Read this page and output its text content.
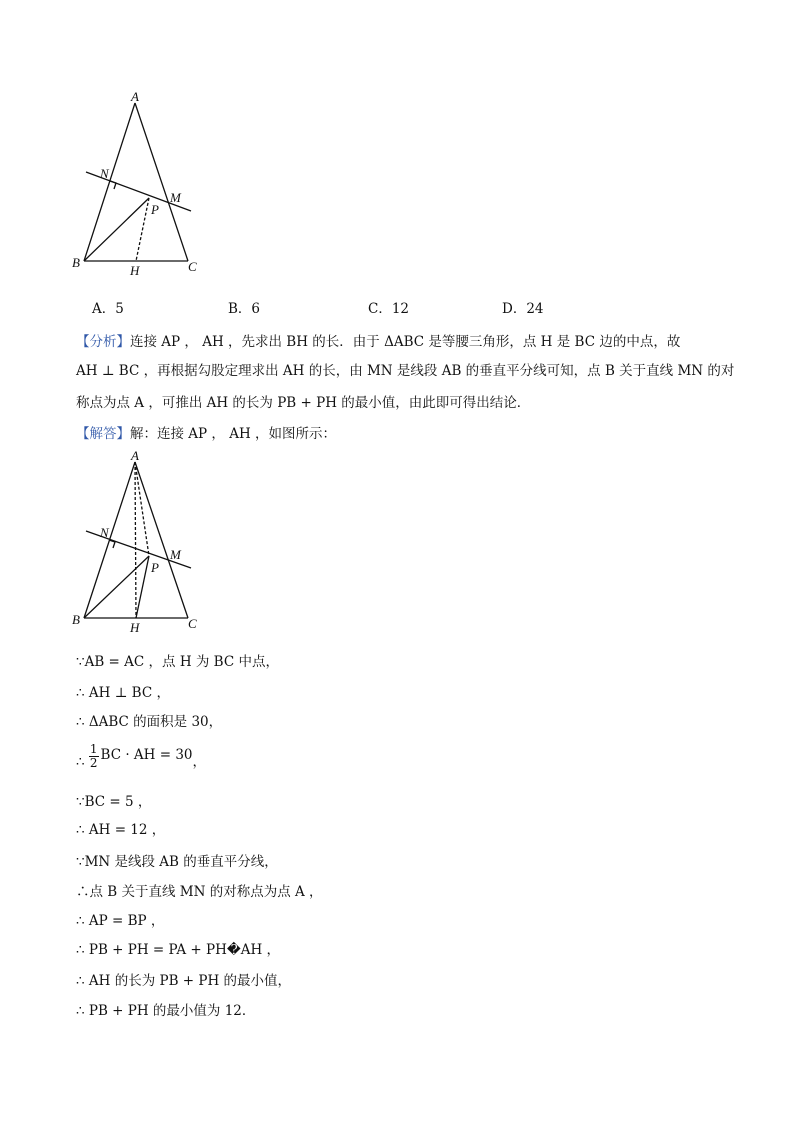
A
N
M
P
B
H	C
A．5	B．6	C．12	D．24
【分析】连接 AP ， AH ，先求出 BH 的长．由于 ΔABC 是等腰三角形，点 H 是 BC 边的中点，故
AH ⊥ BC ，再根据勾股定理求出 AH 的长，由 MN 是线段 AB 的垂直平分线可知，点 B 关于直线 MN 的对
称点为点 A ，可推出 AH 的长为 PB + PH 的最小值，由此即可得出结论．
【解答】解：连接 AP ， AH ，如图所示：
A
N
M
P
B
H	C
∵AB = AC ，点 H 为 BC 中点，
∴ AH ⊥ BC ，
∴ ΔABC 的面积是 30，
∴ $\frac{1}{2}$ BC · AH = 30，
∵BC = 5 ，
∴ AH = 12 ，
∵MN 是线段 AB 的垂直平分线，
∴点 B 关于直线 MN 的对称点为点 A ，
∴ AP = BP ，
∴ PB + PH = PA + PH�AH ，
∴ AH 的长为 PB + PH 的最小值，
∴ PB + PH 的最小值为 12．
